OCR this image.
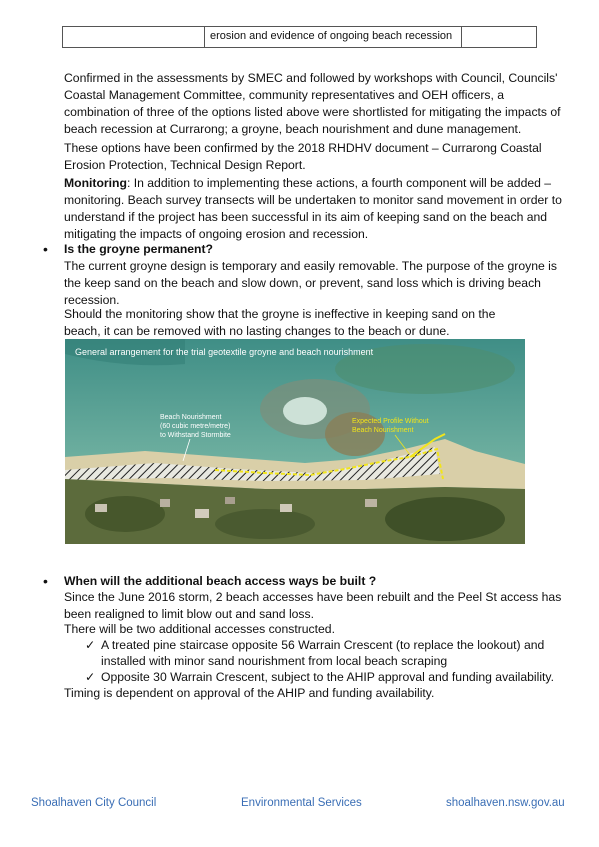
erosion and evidence of ongoing beach recession

Confirmed in the assessments by SMEC and followed by workshops with Council, Councils' Coastal Management Committee, community representatives and OEH officers, a combination of three of the options listed above were shortlisted for mitigating the impacts of beach recession at Currarong; a groyne, beach nourishment and dune management.

These options have been confirmed by the 2018 RHDHV document – Currarong Coastal Erosion Protection, Technical Design Report.

Monitoring: In addition to implementing these actions, a fourth component will be added – monitoring. Beach survey transects will be undertaken to monitor sand movement in order to understand if the project has been successful in its aim of keeping sand on the beach and mitigating the impacts of ongoing erosion and recession.

• Is the groyne permanent?
The current groyne design is temporary and easily removable. The purpose of the groyne is the keep sand on the beach and slow down, or prevent, sand loss which is driving beach recession.
Should the monitoring show that the groyne is ineffective in keeping sand on the beach, it can be removed with no lasting changes to the beach or dune.
General arrangement for the trial geotextile groyne and beach nourishment
Beach Nourishment
(60 cubic metre/metre)
to Withstand Stormbite
Expected Profile Without
Beach Nourishment
• When will the additional beach access ways be built ?
Since the June 2016 storm, 2 beach accesses have been rebuilt and the Peel St access has been realigned to limit blow out and sand loss.
There will be two additional accesses constructed.
✓ A treated pine staircase opposite 56 Warrain Crescent (to replace the lookout) and installed with minor sand nourishment from local beach scraping
✓ Opposite 30 Warrain Crescent, subject to the AHIP approval and funding availability.
Timing is dependent on approval of the AHIP and funding availability.
Shoalhaven City Council	Environmental Services	shoalhaven.nsw.gov.au
